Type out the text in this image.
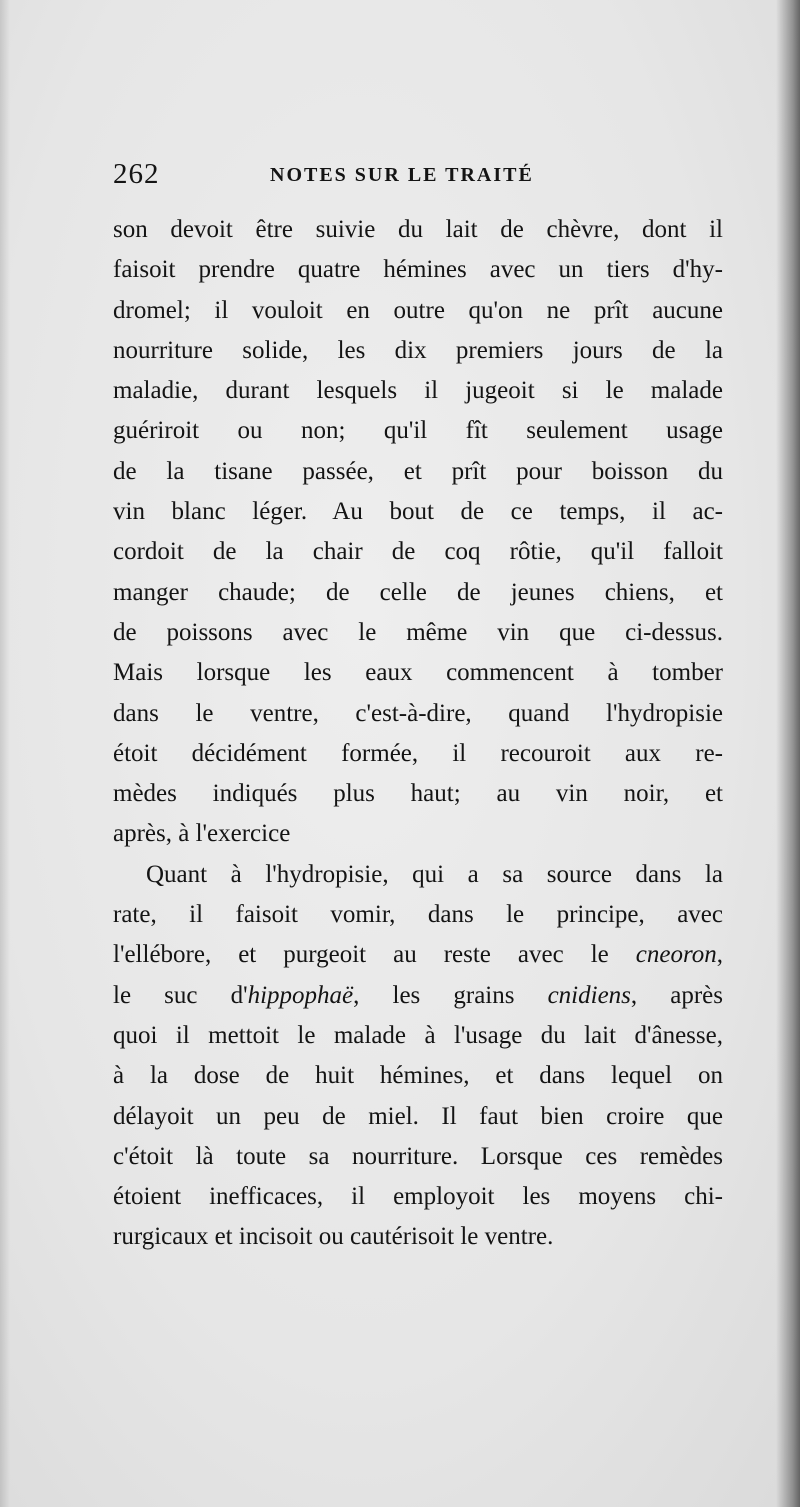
262	NOTES SUR LE TRAITÉ
son devoit être suivie du lait de chèvre, dont il
faisoit prendre quatre hémines avec un tiers d'hy-
dromel; il vouloit en outre qu'on ne prît aucune
nourriture solide, les dix premiers jours de la
maladie, durant lesquels il jugeoit si le malade
guériroit ou non; qu'il fît seulement usage
de la tisane passée, et prît pour boisson du
vin blanc léger. Au bout de ce temps, il ac-
cordoit de la chair de coq rôtie, qu'il falloit
manger chaude; de celle de jeunes chiens, et
de poissons avec le même vin que ci-dessus.
Mais lorsque les eaux commencent à tomber
dans le ventre, c'est-à-dire, quand l'hydropisie
étoit décidément formée, il recouroit aux re-
mèdes indiqués plus haut; au vin noir, et
après, à l'exercice
Quant à l'hydropisie, qui a sa source dans la
rate, il faisoit vomir, dans le principe, avec
l'ellébore, et purgeoit au reste avec le cneoron,
le suc d'hippophaë, les grains cnidiens, après
quoi il mettoit le malade à l'usage du lait d'ânesse,
à la dose de huit hémines, et dans lequel on
délayoit un peu de miel. Il faut bien croire que
c'étoit là toute sa nourriture. Lorsque ces remèdes
étoient inefficaces, il employoit les moyens chi-
rurgicaux et incisoit ou cautérisoit le ventre.
